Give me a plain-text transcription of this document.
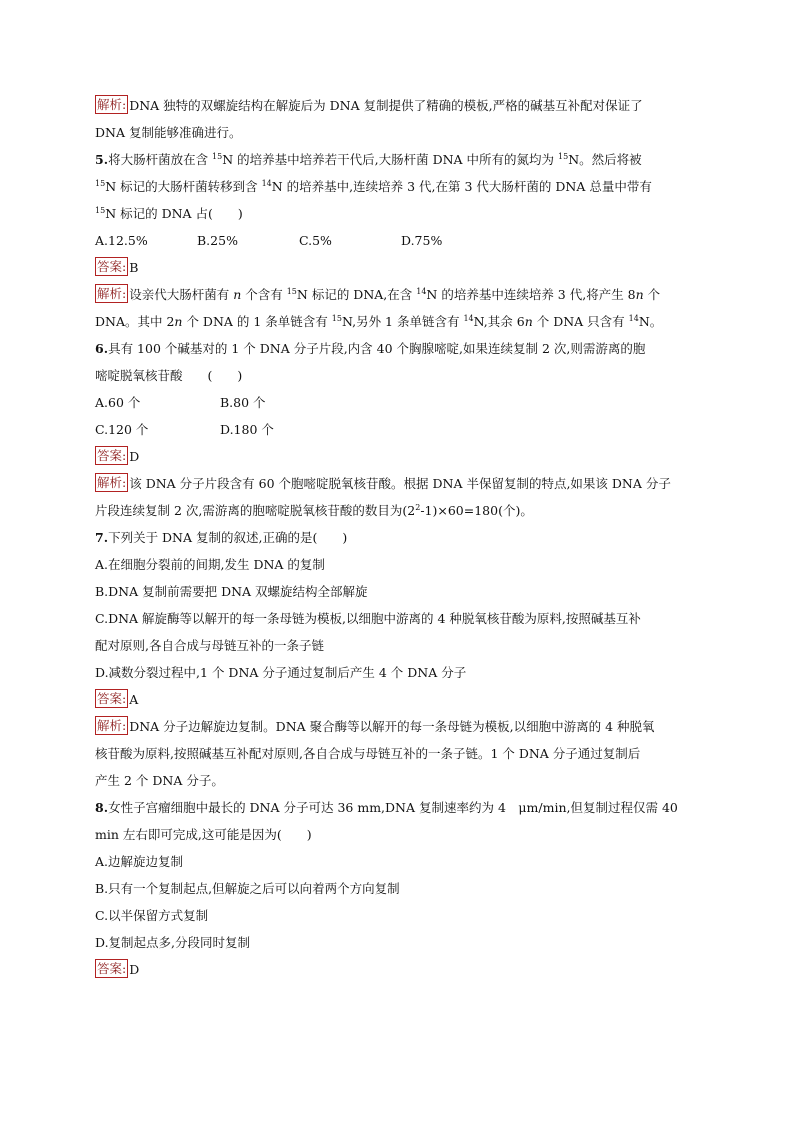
解析: DNA 独特的双螺旋结构在解旋后为 DNA 复制提供了精确的模板,严格的碱基互补配对保证了

DNA 复制能够准确进行。

5.将大肠杆菌放在含 $^{15}$N 的培养基中培养若干代后,大肠杆菌 DNA 中所有的氮均为 $^{15}$N。然后将被

$^{15}$N 标记的大肠杆菌转移到含 $^{14}$N 的培养基中,连续培养 3 代,在第 3 代大肠杆菌的 DNA 总量中带有

$^{15}$N 标记的 DNA 占(　　)

A.12.5%	B.25%	C.5%	D.75%

答案: B

解析: 设亲代大肠杆菌有 n 个含有 $^{15}$N 标记的 DNA,在含 $^{14}$N 的培养基中连续培养 3 代,将产生 8n 个

DNA。其中 2n 个 DNA 的 1 条单链含有 $^{15}$N,另外 1 条单链含有 $^{14}$N,其余 6n 个 DNA 只含有 $^{14}$N。

6.具有 100 个碱基对的 1 个 DNA 分子片段,内含 40 个胸腺嘧啶,如果连续复制 2 次,则需游离的胞

嘧啶脱氧核苷酸　　(　　)

A.60 个	B.80 个

C.120 个	D.180 个

答案: D

解析: 该 DNA 分子片段含有 60 个胞嘧啶脱氧核苷酸。根据 DNA 半保留复制的特点,如果该 DNA 分子

片段连续复制 2 次,需游离的胞嘧啶脱氧核苷酸的数目为$(2^2-1)\times 60=180$(个)。

7.下列关于 DNA 复制的叙述,正确的是(　　)

A.在细胞分裂前的间期,发生 DNA 的复制

B.DNA 复制前需要把 DNA 双螺旋结构全部解旋

C.DNA 解旋酶等以解开的每一条母链为模板,以细胞中游离的 4 种脱氧核苷酸为原料,按照碱基互补

配对原则,各自合成与母链互补的一条子链

D.减数分裂过程中,1 个 DNA 分子通过复制后产生 4 个 DNA 分子

答案: A

解析: DNA 分子边解旋边复制。DNA 聚合酶等以解开的每一条母链为模板,以细胞中游离的 4 种脱氧

核苷酸为原料,按照碱基互补配对原则,各自合成与母链互补的一条子链。1 个 DNA 分子通过复制后

产生 2 个 DNA 分子。

8.女性子宫瘤细胞中最长的 DNA 分子可达 36 mm,DNA 复制速率约为 4　μm/min,但复制过程仅需 40

min 左右即可完成,这可能是因为(　　)

A.边解旋边复制

B.只有一个复制起点,但解旋之后可以向着两个方向复制

C.以半保留方式复制

D.复制起点多,分段同时复制

答案: D
